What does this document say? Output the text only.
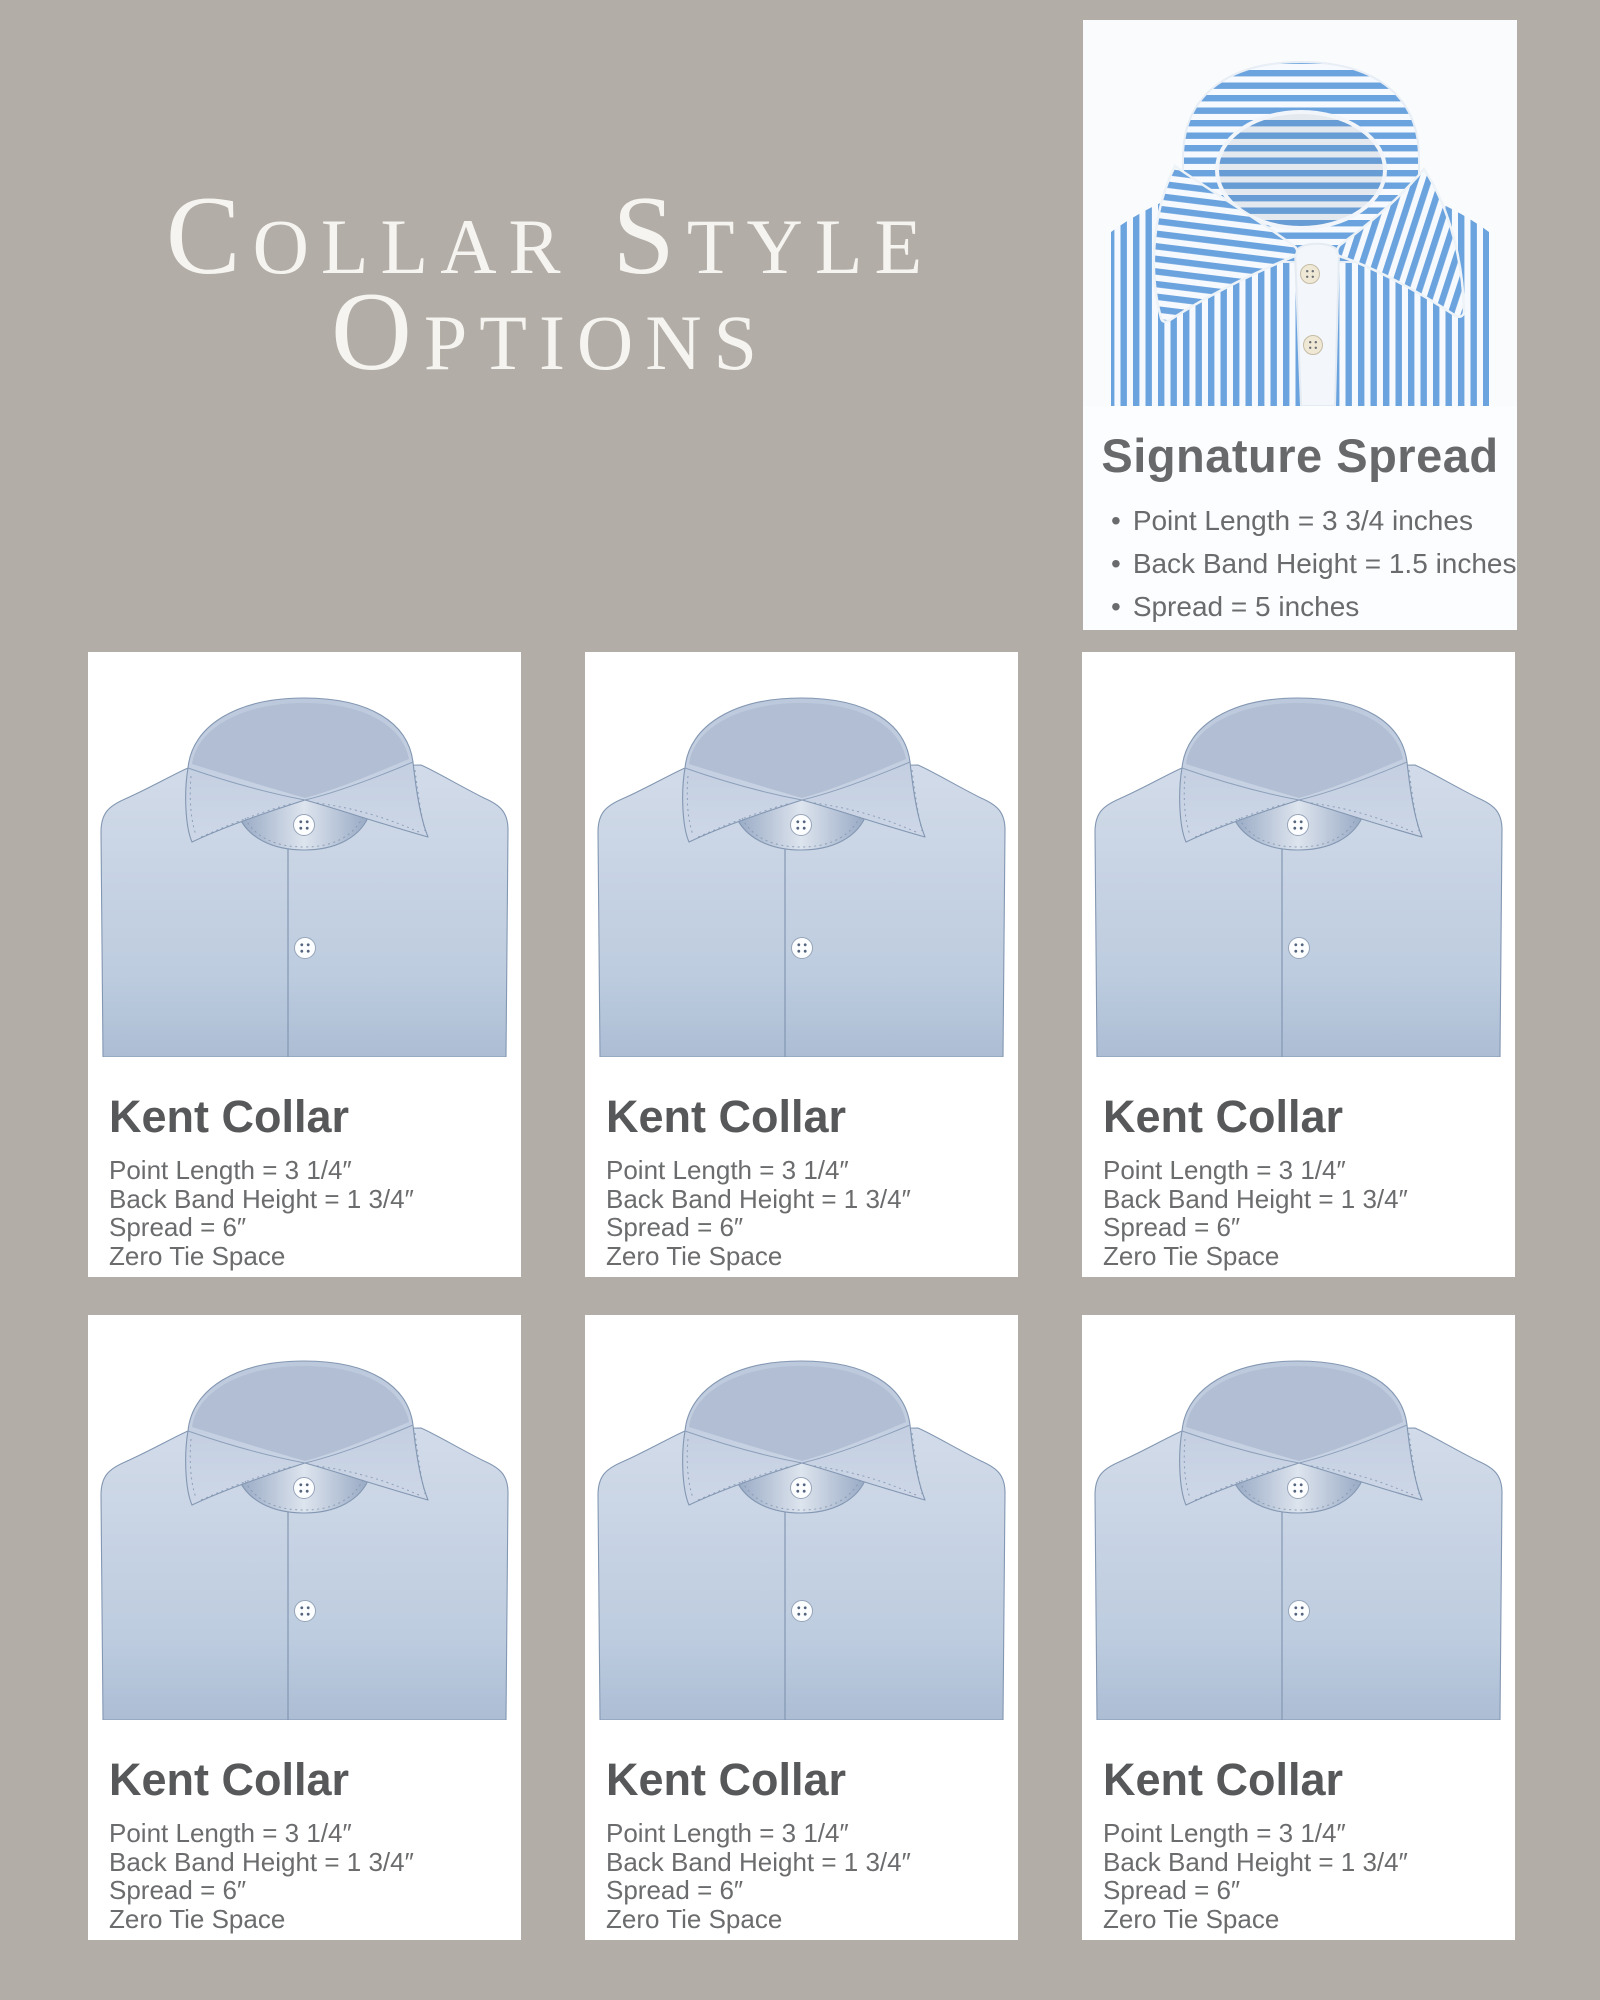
Collar Style
Options
Signature Spread
• Point Length = 3 3/4 inches
• Back Band Height = 1.5 inches
• Spread = 5 inches
Kent Collar
Point Length = 3 1/4″
Back Band Height = 1 3/4″
Spread = 6″
Zero Tie Space
Kent Collar
Point Length = 3 1/4″
Back Band Height = 1 3/4″
Spread = 6″
Zero Tie Space
Kent Collar
Point Length = 3 1/4″
Back Band Height = 1 3/4″
Spread = 6″
Zero Tie Space
Kent Collar
Point Length = 3 1/4″
Back Band Height = 1 3/4″
Spread = 6″
Zero Tie Space
Kent Collar
Point Length = 3 1/4″
Back Band Height = 1 3/4″
Spread = 6″
Zero Tie Space
Kent Collar
Point Length = 3 1/4″
Back Band Height = 1 3/4″
Spread = 6″
Zero Tie Space
